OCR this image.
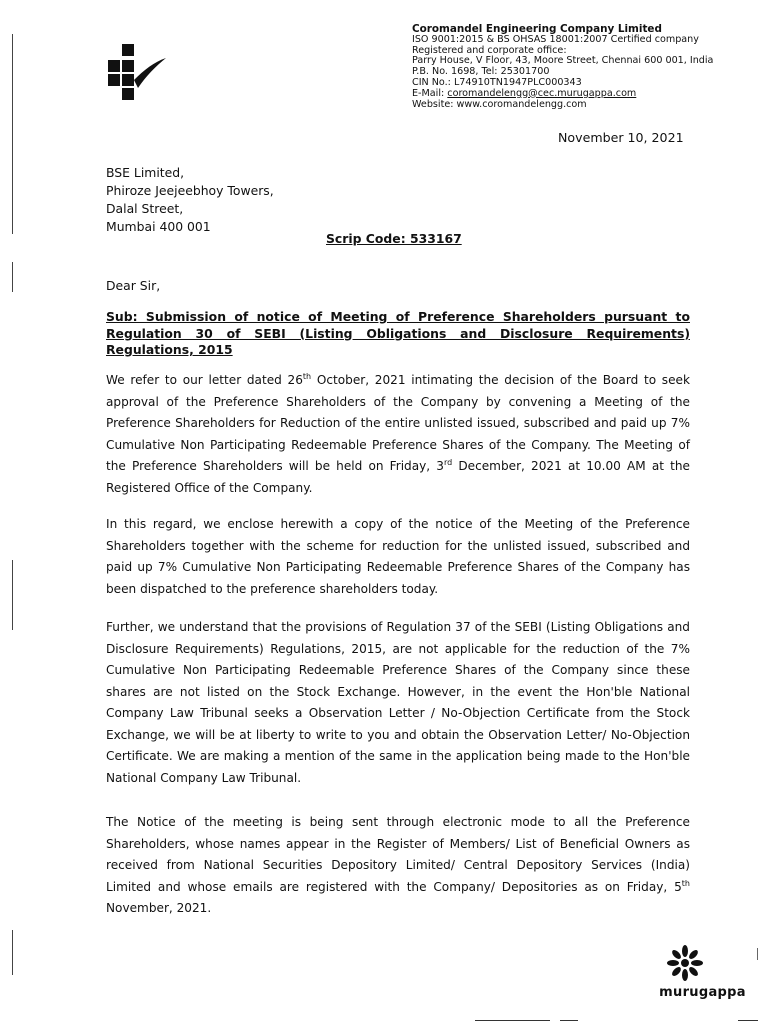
Coromandel Engineering Company Limited
ISO 9001:2015 & BS OHSAS 18001:2007 Certified company
Registered and corporate office:
Parry House, V Floor, 43, Moore Street, Chennai 600 001, India
P.B. No. 1698, Tel: 25301700
CIN No.: L74910TN1947PLC000343
E-Mail: coromandelengg@cec.murugappa.com
Website: www.coromandelengg.com
November 10, 2021
BSE Limited,
Phiroze Jeejeebhoy Towers,
Dalal Street,
Mumbai 400 001
Scrip Code: 533167
Dear Sir,
Sub: Submission of notice of Meeting of Preference Shareholders pursuant to Regulation 30 of SEBI (Listing Obligations and Disclosure Requirements) Regulations, 2015

We refer to our letter dated 26th October, 2021 intimating the decision of the Board to seek approval of the Preference Shareholders of the Company by convening a Meeting of the Preference Shareholders for Reduction of the entire unlisted issued, subscribed and paid up 7% Cumulative Non Participating Redeemable Preference Shares of the Company. The Meeting of the Preference Shareholders will be held on Friday, 3rd December, 2021 at 10.00 AM at the Registered Office of the Company.

In this regard, we enclose herewith a copy of the notice of the Meeting of the Preference Shareholders together with the scheme for reduction for the unlisted issued, subscribed and paid up 7% Cumulative Non Participating Redeemable Preference Shares of the Company has been dispatched to the preference shareholders today.

Further, we understand that the provisions of Regulation 37 of the SEBI (Listing Obligations and Disclosure Requirements) Regulations, 2015, are not applicable for the reduction of the 7% Cumulative Non Participating Redeemable Preference Shares of the Company since these shares are not listed on the Stock Exchange. However, in the event the Hon'ble National Company Law Tribunal seeks a Observation Letter / No-Objection Certificate from the Stock Exchange, we will be at liberty to write to you and obtain the Observation Letter/ No-Objection Certificate. We are making a mention of the same in the application being made to the Hon'ble National Company Law Tribunal.

The Notice of the meeting is being sent through electronic mode to all the Preference Shareholders, whose names appear in the Register of Members/ List of Beneficial Owners as received from National Securities Depository Limited/ Central Depository Services (India) Limited and whose emails are registered with the Company/ Depositories as on Friday, 5th November, 2021.

murugappa
